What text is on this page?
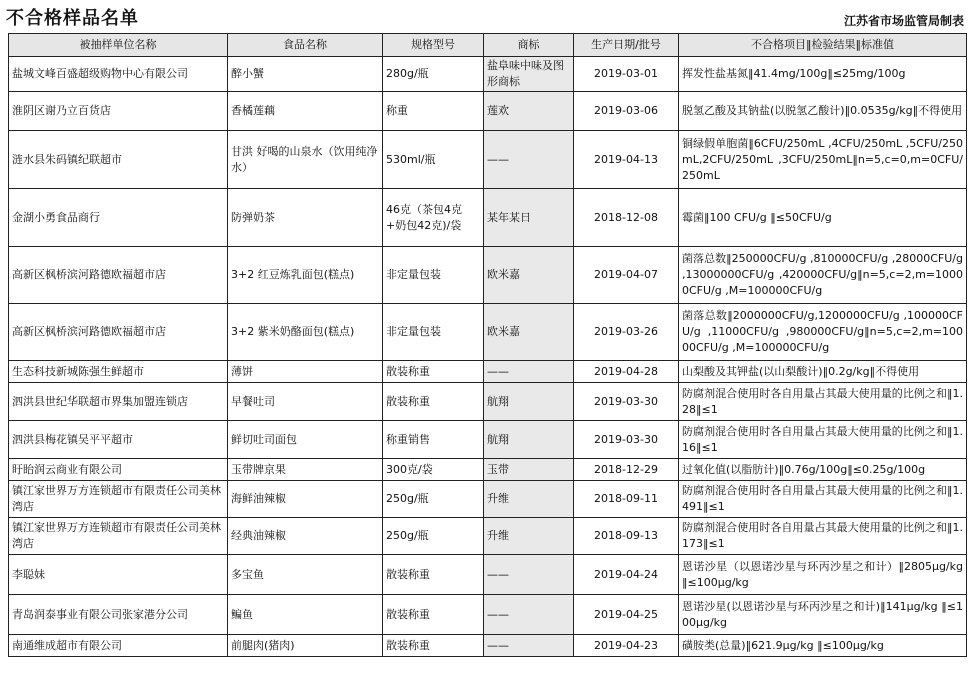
不合格样品名单	江苏省市场监管局制表
被抽样单位名称	食品名称	规格型号	商标	生产日期/批号	不合格项目‖检验结果‖标准值
盐城文峰百盛超级购物中心有限公司	醉小蟹	280g/瓶	盐阜味中味及图形商标	2019-03-01	挥发性盐基氮‖41.4mg/100g‖≤25mg/100g
淮阴区谢乃立百货店	香橘莲藕	称重	莲欢	2019-03-06	脱氢乙酸及其钠盐(以脱氢乙酸计)‖0.0535g/kg‖不得使用
涟水县朱码镇纪联超市	甘洪 好喝的山泉水（饮用纯净水）	530ml/瓶	——	2019-04-13	铜绿假单胞菌‖6CFU/250mL ,4CFU/250mL ,5CFU/250mL,2CFU/250mL ,3CFU/250mL‖n=5,c=0,m=0CFU/250mL
金湖小勇食品商行	防弹奶茶	46克（茶包4克+奶包42克)/袋	某年某日	2018-12-08	霉菌‖100 CFU/g ‖≤50CFU/g
高新区枫桥滨河路德欧福超市店	3+2 红豆炼乳面包(糕点)	非定量包装	欧米嘉	2019-04-07	菌落总数‖250000CFU/g ,810000CFU/g ,28000CFU/g ,13000000CFU/g ,420000CFU/g‖n=5,c=2,m=10000CFU/g ,M=100000CFU/g
高新区枫桥滨河路德欧福超市店	3+2 紫米奶酪面包(糕点)	非定量包装	欧米嘉	2019-03-26	菌落总数‖2000000CFU/g,1200000CFU/g ,100000CFU/g ,11000CFU/g ,980000CFU/g‖n=5,c=2,m=10000CFU/g ,M=100000CFU/g
生态科技新城陈强生鲜超市	薄饼	散装称重	——	2019-04-28	山梨酸及其钾盐(以山梨酸计)‖0.2g/kg‖不得使用
泗洪县世纪华联超市界集加盟连锁店	早餐吐司	散装称重	航翔	2019-03-30	防腐剂混合使用时各自用量占其最大使用量的比例之和‖1.28‖≤1
泗洪县梅花镇吴平平超市	鲜切吐司面包	称重销售	航翔	2019-03-30	防腐剂混合使用时各自用量占其最大使用量的比例之和‖1.16‖≤1
盱眙润云商业有限公司	玉带牌京果	300克/袋	玉带	2018-12-29	过氧化值(以脂肪计)‖0.76g/100g‖≤0.25g/100g
镇江家世界万方连锁超市有限责任公司美林湾店	海鲜油辣椒	250g/瓶	升维	2018-09-11	防腐剂混合使用时各自用量占其最大使用量的比例之和‖1.491‖≤1
镇江家世界万方连锁超市有限责任公司美林湾店	经典油辣椒	250g/瓶	升维	2018-09-13	防腐剂混合使用时各自用量占其最大使用量的比例之和‖1.173‖≤1
李聪妹	多宝鱼	散装称重	——	2019-04-24	恩诺沙星（以恩诺沙星与环丙沙星之和计）‖2805μg/kg ‖≤100μg/kg
青岛润泰事业有限公司张家港分公司	鳊鱼	散装称重	——	2019-04-25	恩诺沙星(以恩诺沙星与环丙沙星之和计)‖141μg/kg ‖≤100μg/kg
南通维成超市有限公司	前腿肉(猪肉)	散装称重	——	2019-04-23	磺胺类(总量)‖621.9μg/kg ‖≤100μg/kg
